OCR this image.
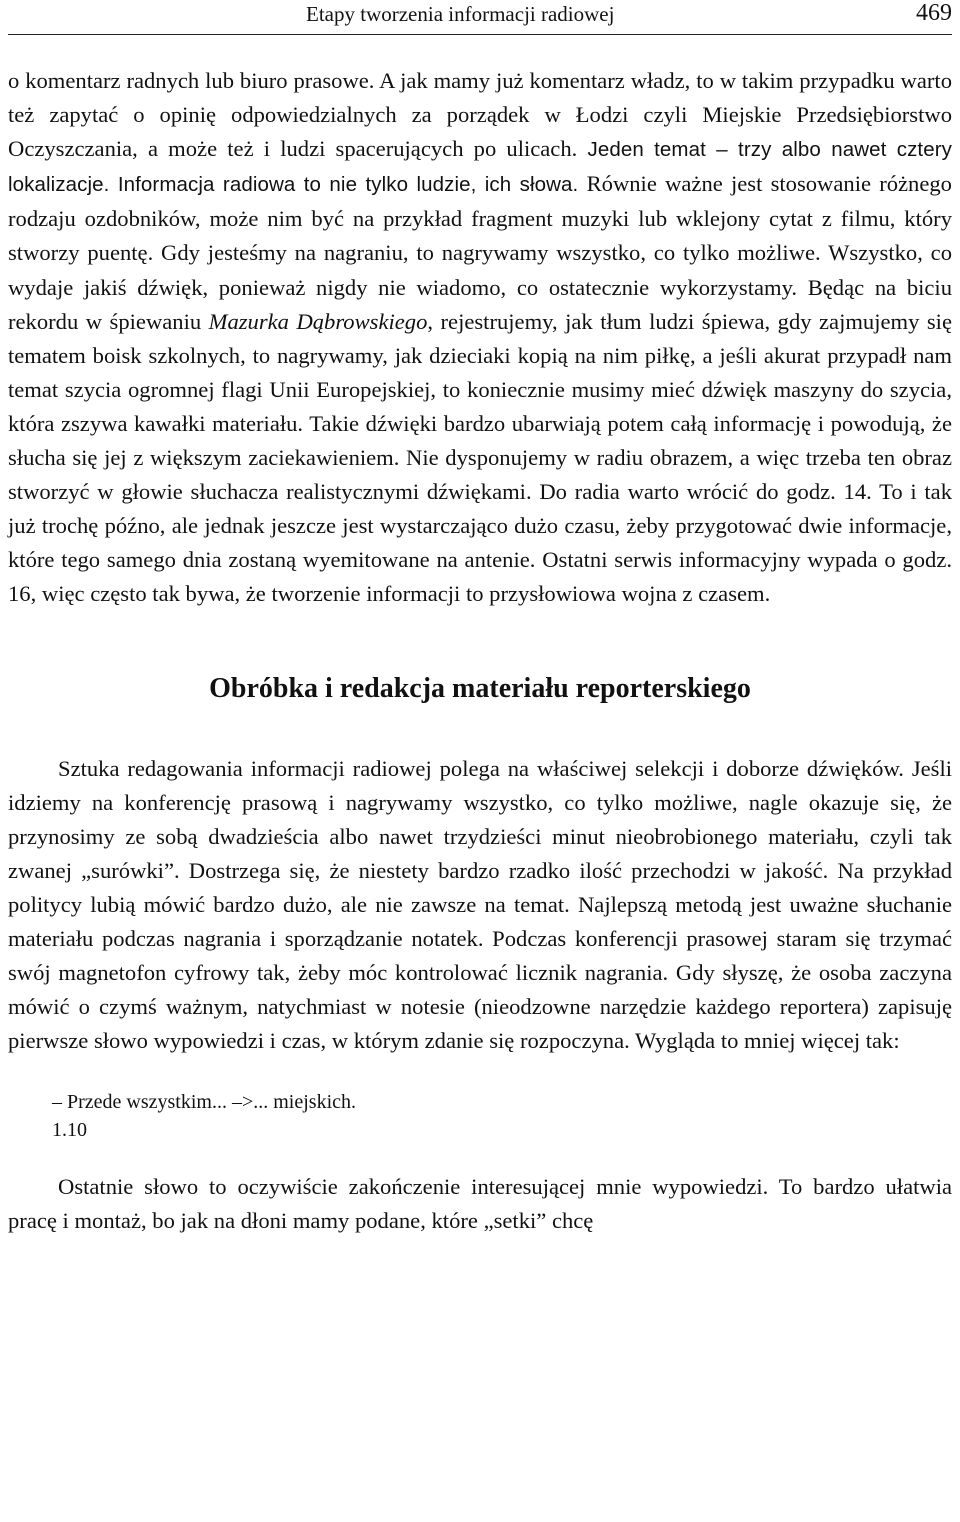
Etapy tworzenia informacji radiowej	469

o komentarz radnych lub biuro prasowe. A jak mamy już komentarz władz, to w takim przypadku warto też zapytać o opinię odpowiedzialnych za porządek w Łodzi czyli Miejskie Przedsiębiorstwo Oczyszczania, a może też i ludzi spacerujących po ulicach. Jeden temat – trzy albo nawet cztery lokalizacje. Informacja radiowa to nie tylko ludzie, ich słowa. Równie ważne jest stosowanie różnego rodzaju ozdobników, może nim być na przykład fragment muzyki lub wklejony cytat z filmu, który stworzy puentę. Gdy jesteśmy na nagraniu, to nagrywamy wszystko, co tylko możliwe. Wszystko, co wydaje jakiś dźwięk, ponieważ nigdy nie wiadomo, co ostatecznie wykorzystamy. Będąc na biciu rekordu w śpiewaniu Mazurka Dąbrowskiego, rejestrujemy, jak tłum ludzi śpiewa, gdy zajmujemy się tematem boisk szkolnych, to nagrywamy, jak dzieciaki kopią na nim piłkę, a jeśli akurat przypadł nam temat szycia ogromnej flagi Unii Europejskiej, to koniecznie musimy mieć dźwięk maszyny do szycia, która zszywa kawałki materiału. Takie dźwięki bardzo ubarwiają potem całą informację i powodują, że słucha się jej z większym zaciekawieniem. Nie dysponujemy w radiu obrazem, a więc trzeba ten obraz stworzyć w głowie słuchacza realistycznymi dźwiękami. Do radia warto wrócić do godz. 14. To i tak już trochę późno, ale jednak jeszcze jest wystarczająco dużo czasu, żeby przygotować dwie informacje, które tego samego dnia zostaną wyemitowane na antenie. Ostatni serwis informacyjny wypada o godz. 16, więc często tak bywa, że tworzenie informacji to przysłowiowa wojna z czasem.

Obróbka i redakcja materiału reporterskiego

Sztuka redagowania informacji radiowej polega na właściwej selekcji i doborze dźwięków. Jeśli idziemy na konferencję prasową i nagrywamy wszystko, co tylko możliwe, nagle okazuje się, że przynosimy ze sobą dwadzieścia albo nawet trzydzieści minut nieobrobionego materiału, czyli tak zwanej „surówki”. Dostrzega się, że niestety bardzo rzadko ilość przechodzi w jakość. Na przykład politycy lubią mówić bardzo dużo, ale nie zawsze na temat. Najlepszą metodą jest uważne słuchanie materiału podczas nagrania i sporządzanie notatek. Podczas konferencji prasowej staram się trzymać swój magnetofon cyfrowy tak, żeby móc kontrolować licznik nagrania. Gdy słyszę, że osoba zaczyna mówić o czymś ważnym, natychmiast w notesie (nieodzowne narzędzie każdego reportera) zapisuję pierwsze słowo wypowiedzi i czas, w którym zdanie się rozpoczyna. Wygląda to mniej więcej tak:

– Przede wszystkim... –>... miejskich.
1.10

Ostatnie słowo to oczywiście zakończenie interesującej mnie wypowiedzi. To bardzo ułatwia pracę i montaż, bo jak na dłoni mamy podane, które „setki” chcę
